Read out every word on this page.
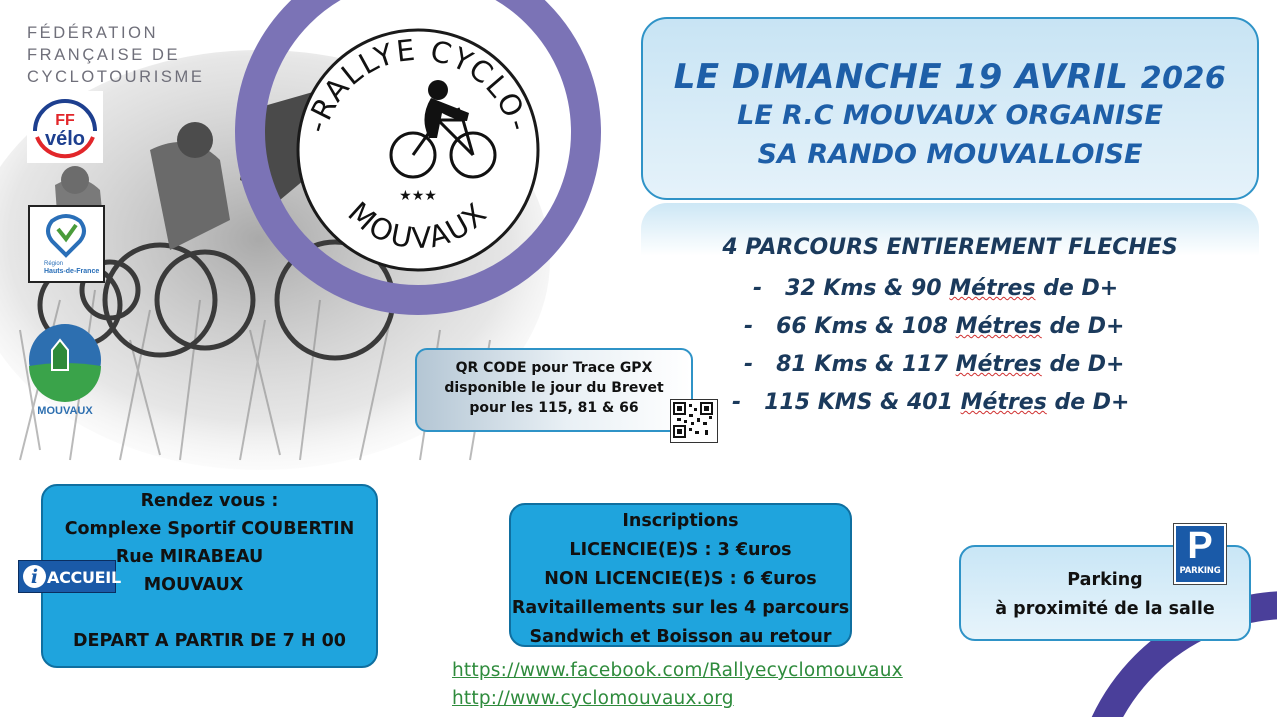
-RALLYE CYCLO-
MOUVAUX
★★★
FÉDÉRATION
FRANÇAISE DE
CYCLOTOURISME
FF
vélo
Région
Hauts-de-France
MOUVAUX
LE DIMANCHE 19 AVRIL 2026
LE R.C MOUVAUX ORGANISE
SA RANDO MOUVALLOISE
4 PARCOURS ENTIEREMENT FLECHES
- 32 Kms & 90 Métres de D+
- 66 Kms & 108 Métres de D+
- 81 Kms & 117 Métres de D+
- 115 KMS & 401 Métres de D+
QR CODE pour Trace GPX
disponible le jour du Brevet
pour les 115, 81 & 66
Rendez vous :
Complexe Sportif COUBERTIN
Rue MIRABEAU
MOUVAUX
DEPART A PARTIR DE 7 H 00
i ACCUEIL
Inscriptions
LICENCIE(E)S : 3 €uros
NON LICENCIE(E)S : 6 €uros
Ravitaillements sur les 4 parcours
Sandwich et Boisson au retour
Parking
à proximité de la salle
P
PARKING
https://www.facebook.com/Rallyecyclomouvaux
http://www.cyclomouvaux.org
